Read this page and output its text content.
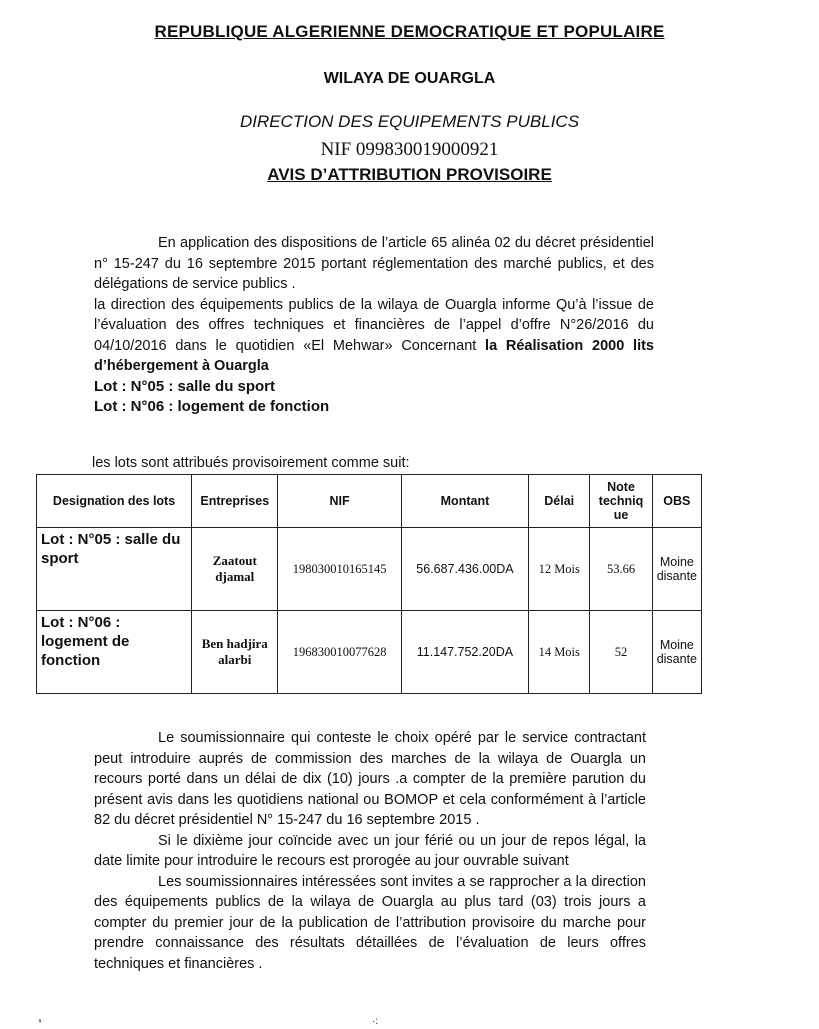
REPUBLIQUE ALGERIENNE DEMOCRATIQUE ET POPULAIRE
WILAYA DE OUARGLA
DIRECTION DES EQUIPEMENTS PUBLICS
NIF 099830019000921
AVIS D’ATTRIBUTION PROVISOIRE

En application des dispositions de l’article 65 alinéa 02 du décret présidentiel n° 15-247 du 16 septembre 2015 portant réglementation des marché publics, et des délégations de service publics .

la direction des équipements publics de la wilaya de Ouargla informe Qu’à l’issue de l’évaluation des offres techniques et financières de l’appel d’offre N°26/2016 du 04/10/2016 dans le quotidien «El Mehwar» Concernant la Réalisation 2000 lits d’hébergement à Ouargla

Lot : N°05 : salle du sport

Lot : N°06 : logement de fonction

les lots sont attribués provisoirement comme suit:
Designation des lots	Entreprises	NIF	Montant	Délai	Note techniq ue	OBS
Lot : N°05 : salle du sport	Zaatout djamal	198030010165145	56.687.436.00DA	12 Mois	53.66	Moine disante
Lot : N°06 : logement de fonction	Ben hadjira alarbi	196830010077628	11.147.752.20DA	14 Mois	52	Moine disante

Le soumissionnaire qui conteste le choix opéré par le service contractant peut introduire auprés de commission des marches de la wilaya de Ouargla un recours porté dans un délai de dix (10) jours .a compter de la première parution du présent avis dans les quotidiens national ou BOMOP et cela conformément à l’article 82 du décret présidentiel N° 15-247 du 16 septembre 2015 .

Si le dixième jour coïncide avec un jour férié ou un jour de repos légal, la date limite pour introduire le recours est prorogée au jour ouvrable suivant

Les soumissionnaires intéressées sont invites a se rapprocher a la direction des équipements publics de la wilaya de Ouargla au plus tard (03) trois jours a compter du premier jour de la publication de l’attribution provisoire du marche pour prendre connaissance des résultats détaillées de l’évaluation de leurs offres techniques et financières .

,	·:
